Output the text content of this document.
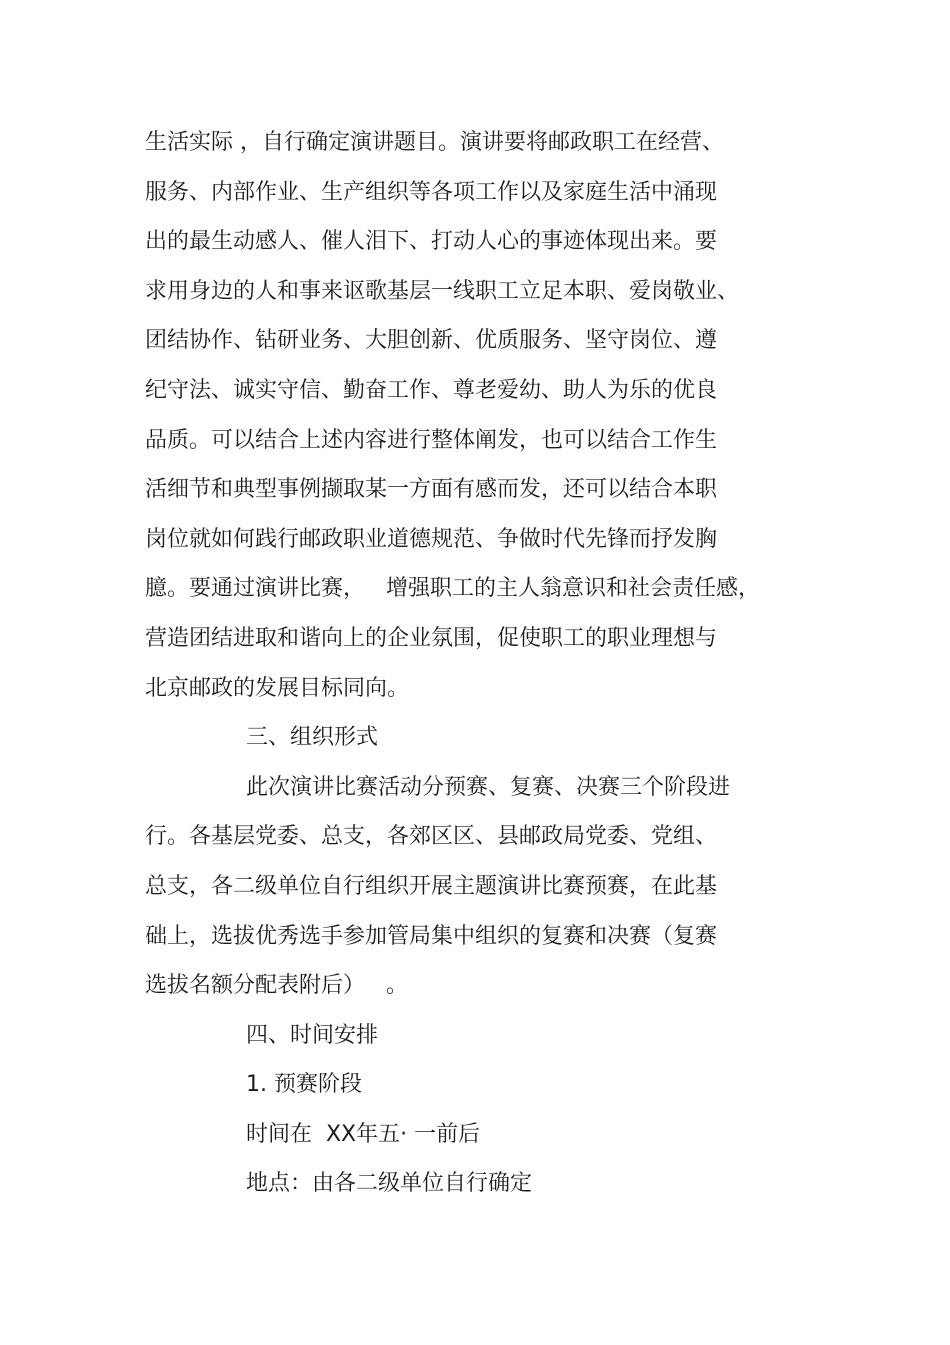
生活实际 ，自行确定演讲题目。演讲要将邮政职工在经营、
服务、内部作业、生产组织等各项工作以及家庭生活中涌现
出的最生动感人、催人泪下、打动人心的事迹体现出来。要
求用身边的人和事来讴歌基层一线职工立足本职、爱岗敬业、
团结协作、钻研业务、大胆创新、优质服务、坚守岗位、遵
纪守法、诚实守信、勤奋工作、尊老爱幼、助人为乐的优良
品质。可以结合上述内容进行整体阐发，也可以结合工作生
活细节和典型事例撷取某一方面有感而发，还可以结合本职
岗位就如何践行邮政职业道德规范、争做时代先锋而抒发胸
臆。要通过演讲比赛，   增强职工的主人翁意识和社会责任感，
营造团结进取和谐向上的企业氛围，促使职工的职业理想与
北京邮政的发展目标同向。
三、组织形式
此次演讲比赛活动分预赛、复赛、决赛三个阶段进
行。各基层党委、总支，各郊区区、县邮政局党委、党组、
总支，各二级单位自行组织开展主题演讲比赛预赛，在此基
础上，选拔优秀选手参加管局集中组织的复赛和决赛（复赛
选拔名额分配表附后）   。
四、时间安排
1. 预赛阶段
时间在  XX年五· 一前后
地点：由各二级单位自行确定
